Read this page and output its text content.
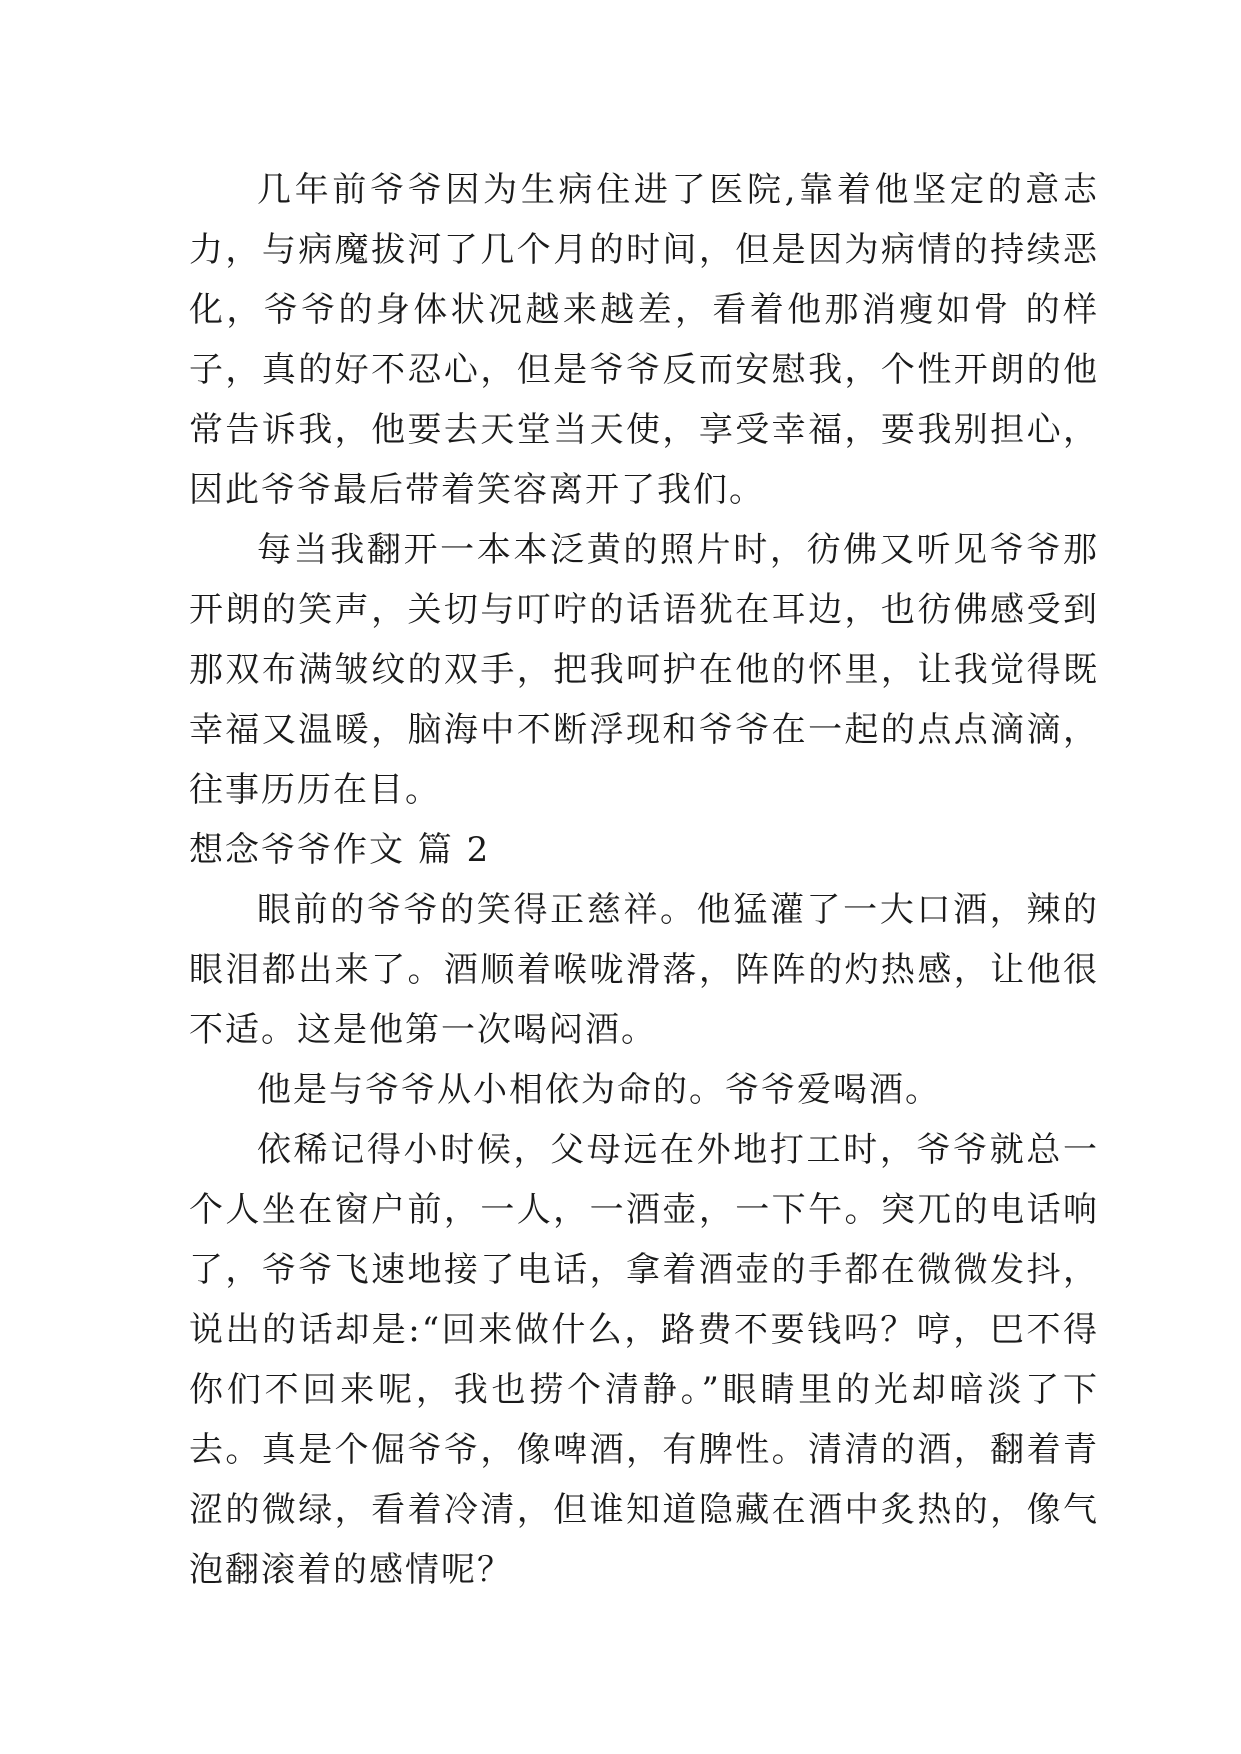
几年前爷爷因为生病住进了医院,靠着他坚定的意志力，与病魔拔河了几个月的时间，但是因为病情的持续恶化，爷爷的身体状况越来越差，看着他那消瘦如骨 的样子，真的好不忍心，但是爷爷反而安慰我，个性开朗的他常告诉我，他要去天堂当天使，享受幸福，要我别担心，因此爷爷最后带着笑容离开了我们。

每当我翻开一本本泛黄的照片时，彷佛又听见爷爷那开朗的笑声，关切与叮咛的话语犹在耳边，也彷佛感受到那双布满皱纹的双手，把我呵护在他的怀里，让我觉得既幸福又温暖，脑海中不断浮现和爷爷在一起的点点滴滴，往事历历在目。

想念爷爷作文 篇 2

眼前的爷爷的笑得正慈祥。他猛灌了一大口酒，辣的眼泪都出来了。酒顺着喉咙滑落，阵阵的灼热感，让他很不适。这是他第一次喝闷酒。

他是与爷爷从小相依为命的。爷爷爱喝酒。

依稀记得小时候，父母远在外地打工时，爷爷就总一个人坐在窗户前，一人，一酒壶，一下午。突兀的电话响了，爷爷飞速地接了电话，拿着酒壶的手都在微微发抖，说出的话却是:“回来做什么，路费不要钱吗？哼，巴不得你们不回来呢，我也捞个清静。”眼睛里的光却暗淡了下去。真是个倔爷爷，像啤酒，有脾性。清清的酒，翻着青涩的微绿，看着冷清，但谁知道隐藏在酒中炙热的，像气泡翻滚着的感情呢？
